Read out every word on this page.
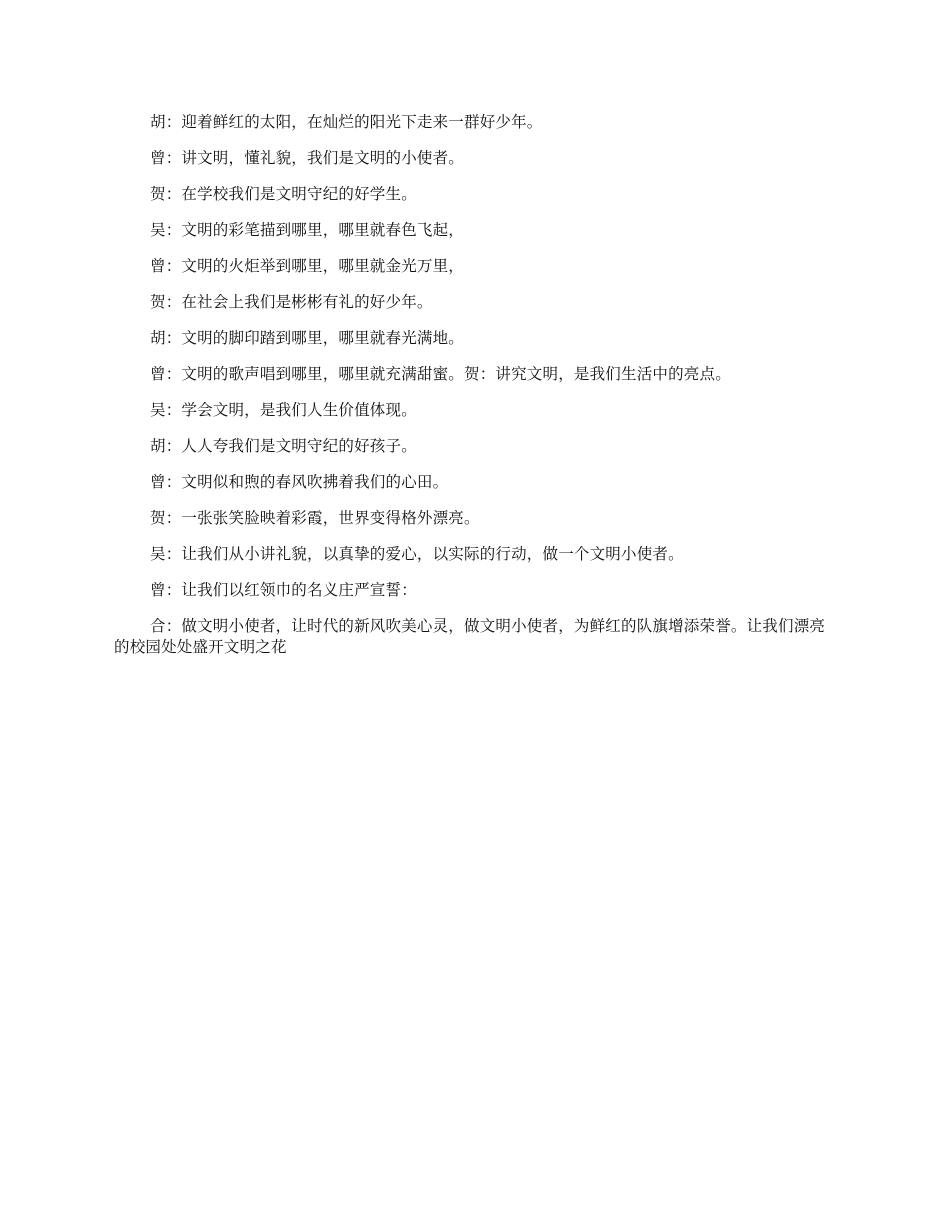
胡：迎着鲜红的太阳，在灿烂的阳光下走来一群好少年。

曾：讲文明，懂礼貌，我们是文明的小使者。

贺：在学校我们是文明守纪的好学生。

吴：文明的彩笔描到哪里，哪里就春色飞起，

曾：文明的火炬举到哪里，哪里就金光万里，

贺：在社会上我们是彬彬有礼的好少年。

胡：文明的脚印踏到哪里，哪里就春光满地。

曾：文明的歌声唱到哪里，哪里就充满甜蜜。贺：讲究文明，是我们生活中的亮点。

吴：学会文明，是我们人生价值体现。

胡：人人夸我们是文明守纪的好孩子。

曾：文明似和煦的春风吹拂着我们的心田。

贺：一张张笑脸映着彩霞，世界变得格外漂亮。

吴：让我们从小讲礼貌，以真挚的爱心，以实际的行动，做一个文明小使者。

曾：让我们以红领巾的名义庄严宣誓：

合：做文明小使者，让时代的新风吹美心灵，做文明小使者，为鲜红的队旗增添荣誉。让我们漂亮的校园处处盛开文明之花
